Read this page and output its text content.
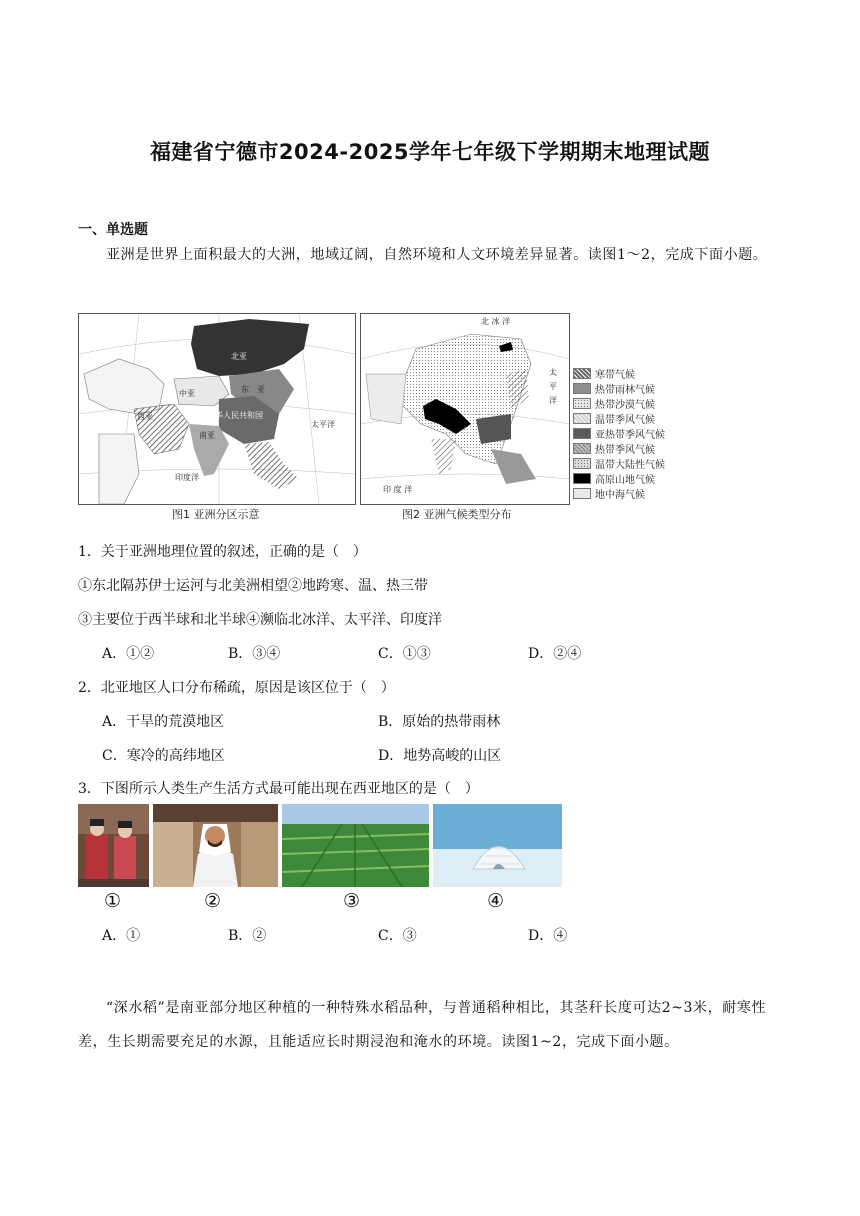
福建省宁德市2024-2025学年七年级下学期期末地理试题
一、单选题
亚洲是世界上面积最大的大洲，地域辽阔，自然环境和人文环境差异显著。读图1～2，完成下面小题。
北亚
中亚	东　亚
中华人民共和国
西亚
南亚
太平洋
印度洋
图1 亚洲分区示意
北 冰 洋
太
平
洋
印 度 洋
图2 亚洲气候类型分布
寒带气候
热带雨林气候
热带沙漠气候
温带季风气候
亚热带季风气候
热带季风气候
温带大陆性气候
高原山地气候
地中海气候
1．关于亚洲地理位置的叙述，正确的是（　）
①东北隔苏伊士运河与北美洲相望②地跨寒、温、热三带
③主要位于西半球和北半球④濒临北冰洋、太平洋、印度洋
A．①②	B．③④	C．①③	D．②④
2．北亚地区人口分布稀疏，原因是该区位于（　）
A．干旱的荒漠地区	B．原始的热带雨林
C．寒冷的高纬地区	D．地势高峻的山区
3．下图所示人类生产生活方式最可能出现在西亚地区的是（　）
①	②	③	④
A．①	B．②	C．③	D．④
“深水稻”是南亚部分地区种植的一种特殊水稻品种，与普通稻种相比，其茎秆长度可达2~3米，耐寒性差，生长期需要充足的水源，且能适应长时期浸泡和淹水的环境。读图1~2，完成下面小题。
